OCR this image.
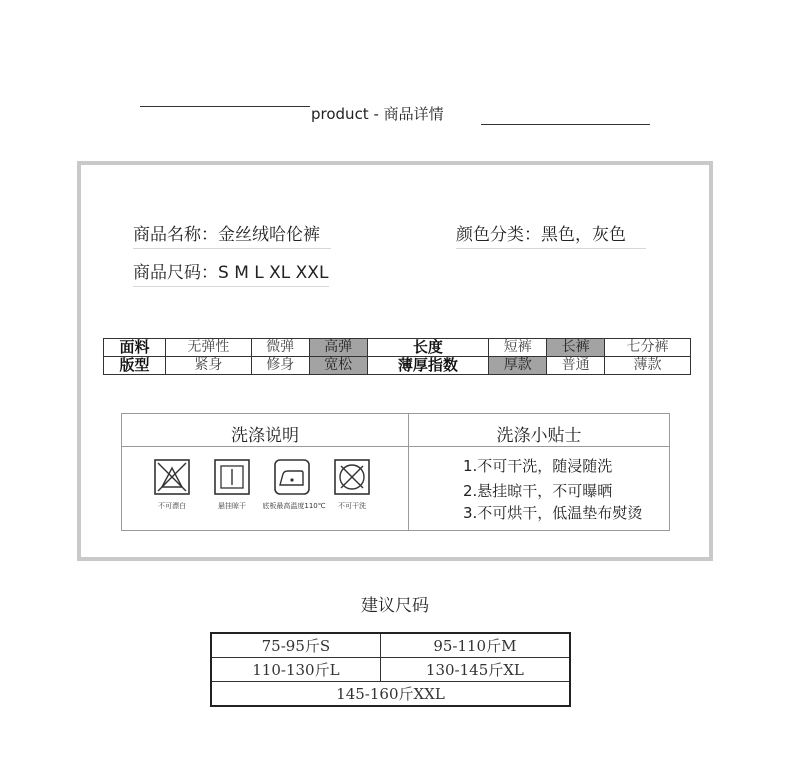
product - 商品详情
商品名称：金丝绒哈伦裤	颜色分类：黑色，灰色
商品尺码：S M L XL XXL
面料	无弹性	微弹	高弹	长度	短裤	长裤	七分裤
版型	紧身	修身	宽松	薄厚指数	厚款	普通	薄款
洗涤说明	洗涤小贴士
不可漂白	悬挂晾干	底板最高温度110℃	不可干洗
1.不可干洗，随浸随洗
2.悬挂晾干，不可曝晒
3.不可烘干，低温垫布熨烫
建议尺码
75-95斤S	95-110斤M
110-130斤L	130-145斤XL
145-160斤XXL	
